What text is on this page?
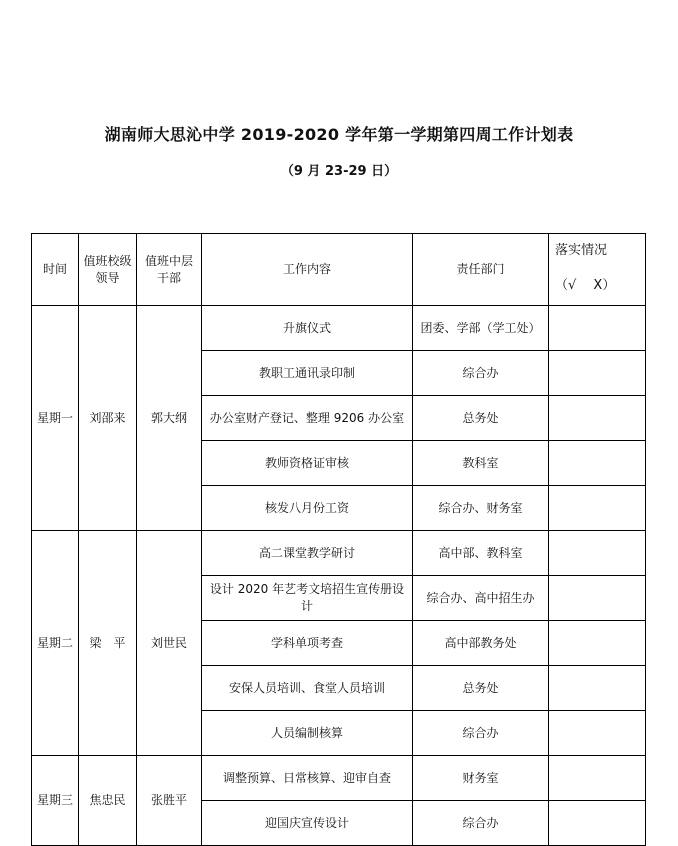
湖南师大思沁中学 2019-2020 学年第一学期第四周工作计划表
（9 月 23-29 日）
时间	值班校级领导	值班中层干部	工作内容	责任部门	落实情况
（√　 X）

星期一	刘邵来	郭大纲	升旗仪式	团委、学部（学工处）	
			教职工通讯录印制	综合办	
			办公室财产登记、整理 9206 办公室	总务处	
			教师资格证审核	教科室	
			核发八月份工资	综合办、财务室	
星期二	梁　平	刘世民	高二课堂教学研讨	高中部、教科室	
			设计 2020 年艺考文培招生宣传册设计	综合办、高中招生办	
			学科单项考查	高中部教务处	
			安保人员培训、食堂人员培训	总务处	
			人员编制核算	综合办	
星期三	焦忠民	张胜平	调整预算、日常核算、迎审自查	财务室	
			迎国庆宣传设计	综合办	
